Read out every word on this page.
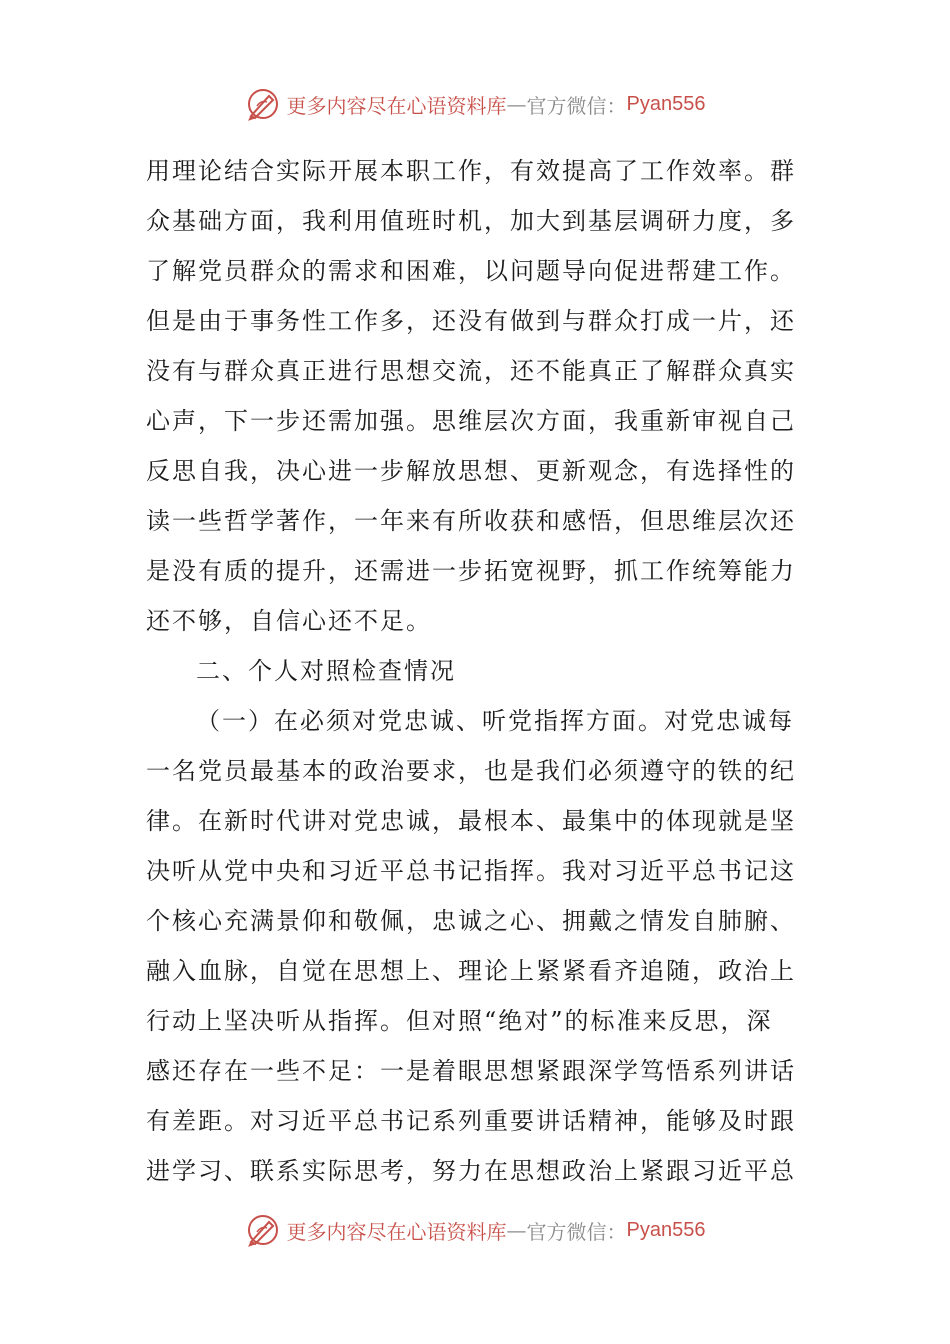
更多内容尽在心语资料库 — 官方微信： Pyan556
用理论结合实际开展本职工作，有效提高了工作效率。群
众基础方面，我利用值班时机，加大到基层调研力度，多
了解党员群众的需求和困难，以问题导向促进帮建工作。
但是由于事务性工作多，还没有做到与群众打成一片，还
没有与群众真正进行思想交流，还不能真正了解群众真实
心声，下一步还需加强。思维层次方面，我重新审视自己
反思自我，决心进一步解放思想、更新观念，有选择性的
读一些哲学著作，一年来有所收获和感悟，但思维层次还
是没有质的提升，还需进一步拓宽视野，抓工作统筹能力
还不够，自信心还不足。
二、个人对照检查情况
（一）在必须对党忠诚、听党指挥方面。对党忠诚每
一名党员最基本的政治要求，也是我们必须遵守的铁的纪
律。在新时代讲对党忠诚，最根本、最集中的体现就是坚
决听从党中央和习近平总书记指挥。我对习近平总书记这
个核心充满景仰和敬佩，忠诚之心、拥戴之情发自肺腑、
融入血脉，自觉在思想上、理论上紧紧看齐追随，政治上
行动上坚决听从指挥。但对照“绝对”的标准来反思，深
感还存在一些不足：一是着眼思想紧跟深学笃悟系列讲话
有差距。对习近平总书记系列重要讲话精神，能够及时跟
进学习、联系实际思考，努力在思想政治上紧跟习近平总
更多内容尽在心语资料库 — 官方微信： Pyan556
